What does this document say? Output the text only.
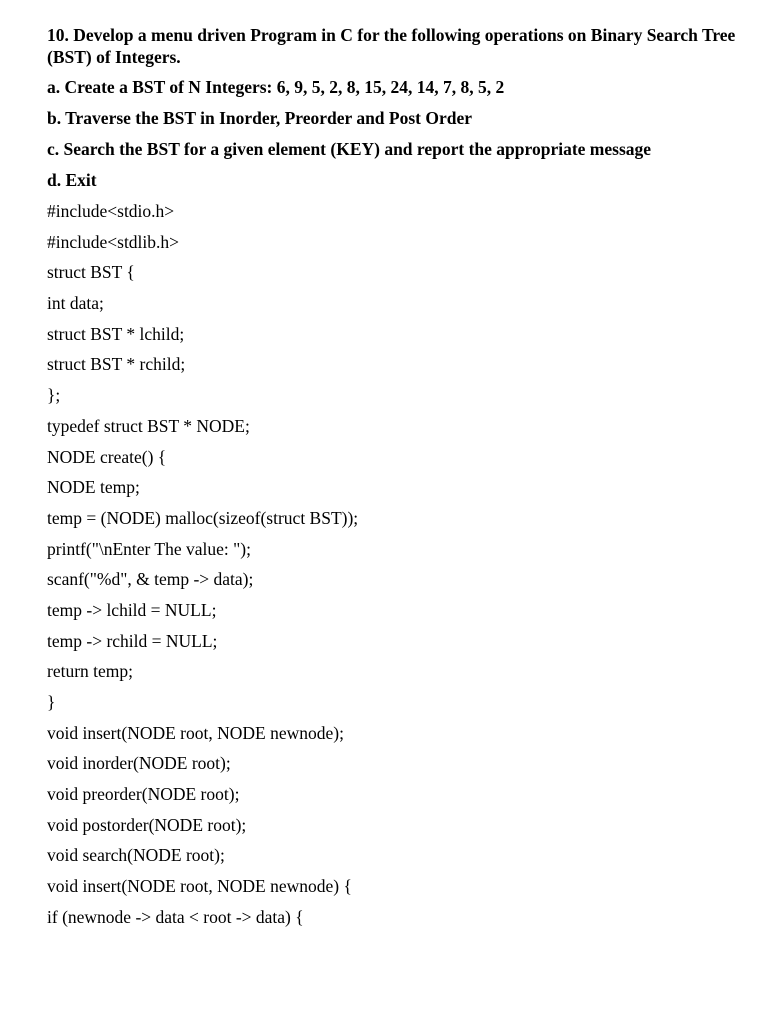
10. Develop a menu driven Program in C for the following operations on Binary Search Tree (BST) of Integers.

a. Create a BST of N Integers: 6, 9, 5, 2, 8, 15, 24, 14, 7, 8, 5, 2

b. Traverse the BST in Inorder, Preorder and Post Order

c. Search the BST for a given element (KEY) and report the appropriate message

d. Exit

#include<stdio.h>

#include<stdlib.h>

struct BST {

int data;

struct BST * lchild;

struct BST * rchild;

};

typedef struct BST * NODE;

NODE create() {

NODE temp;

temp = (NODE) malloc(sizeof(struct BST));

printf("\nEnter The value: ");

scanf("%d", & temp -> data);

temp -> lchild = NULL;

temp -> rchild = NULL;

return temp;

}

void insert(NODE root, NODE newnode);

void inorder(NODE root);

void preorder(NODE root);

void postorder(NODE root);

void search(NODE root);

void insert(NODE root, NODE newnode) {

if (newnode -> data < root -> data) {
